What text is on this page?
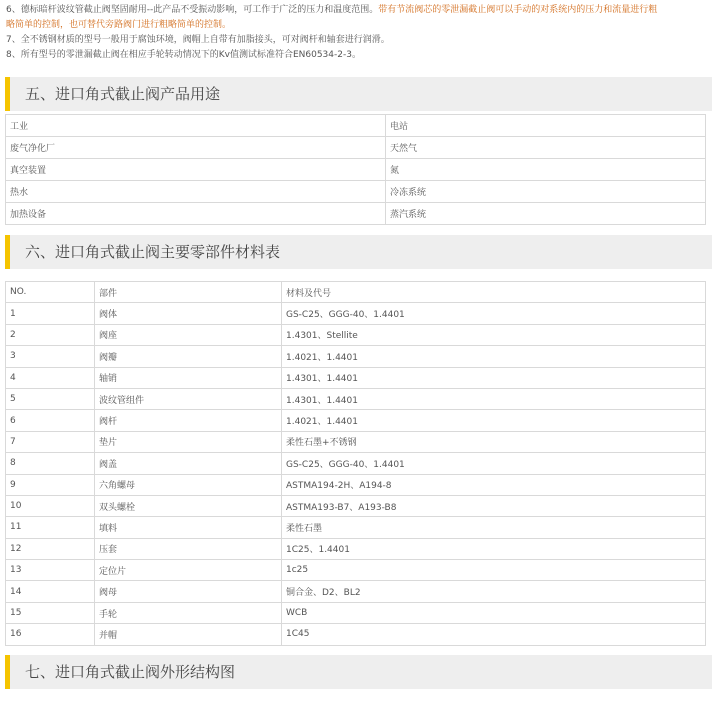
6、德标暗杆波纹管截止阀坚固耐用--此产品不受振动影响，可工作于广泛的压力和温度范围。带有节流阀芯的零泄漏截止阀可以手动的对系统内的压力和流量进行粗

略简单的控制，也可替代旁路阀门进行粗略简单的控制。

7、全不锈钢材质的型号一般用于腐蚀环境，阀帽上自带有加脂接头，可对阀杆和轴套进行润滑。

8、所有型号的零泄漏截止阀在相应手轮转动情况下的Kv值测试标准符合EN60534-2-3。

五、进口角式截止阀产品用途
工业	电站
废气净化厂	天然气
真空装置	氮
热水	冷冻系统
加热设备	蒸汽系统
六、进口角式截止阀主要零部件材料表
NO.	部件	材料及代号
1	阀体	GS-C25、GGG-40、1.4401
2	阀座	1.4301、Stellite
3	阀瓣	1.4021、1.4401
4	轴销	1.4301、1.4401
5	波纹管组件	1.4301、1.4401
6	阀杆	1.4021、1.4401
7	垫片	柔性石墨+不锈钢
8	阀盖	GS-C25、GGG-40、1.4401
9	六角螺母	ASTMA194-2H、A194-8
10	双头螺栓	ASTMA193-B7、A193-B8
11	填料	柔性石墨
12	压套	1C25、1.4401
13	定位片	1c25
14	阀母	铜合金、D2、BL2
15	手轮	WCB
16	并帽	1C45
七、进口角式截止阀外形结构图
